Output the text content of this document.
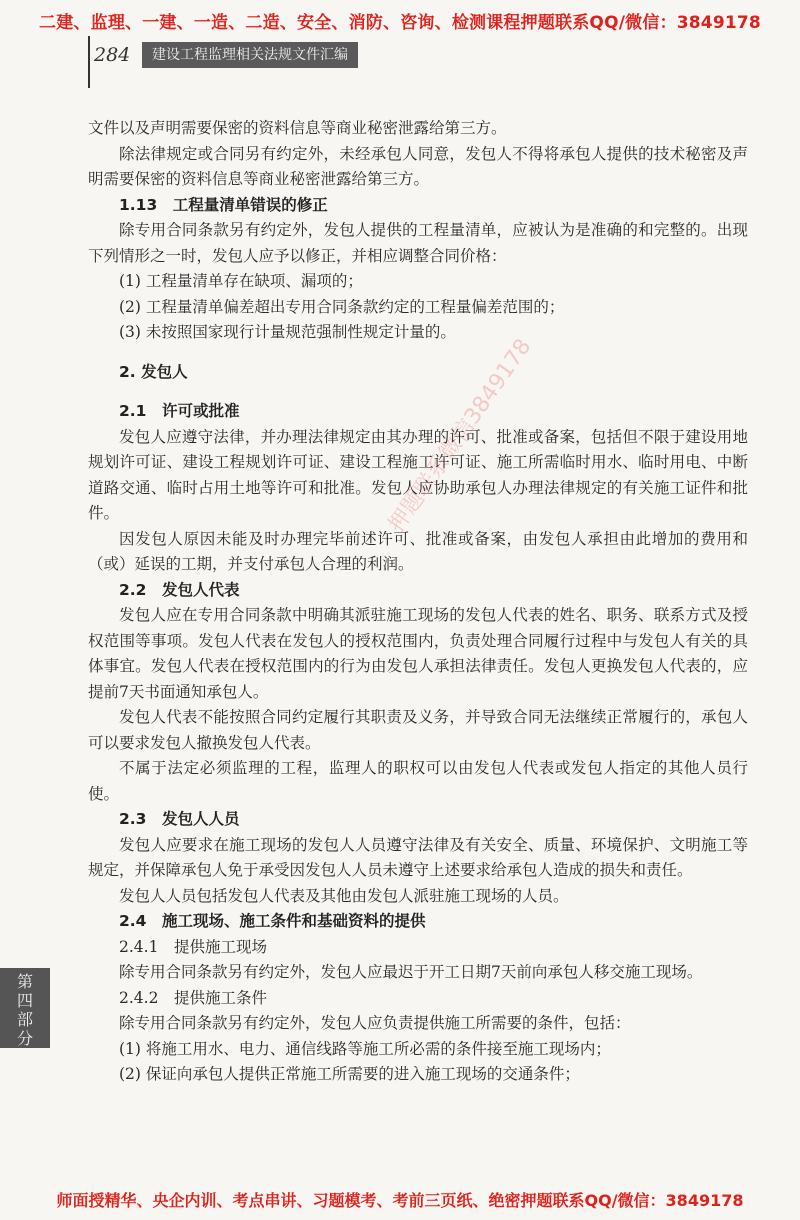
二建、监理、一建、一造、二造、安全、消防、咨询、检测课程押题联系QQ/微信：3849178
284	建设工程监理相关法规文件汇编
押题联系微信3849178

文件以及声明需要保密的资料信息等商业秘密泄露给第三方。

除法律规定或合同另有约定外，未经承包人同意，发包人不得将承包人提供的技术秘密及声明需要保密的资料信息等商业秘密泄露给第三方。

1.13　工程量清单错误的修正

除专用合同条款另有约定外，发包人提供的工程量清单，应被认为是准确的和完整的。出现下列情形之一时，发包人应予以修正，并相应调整合同价格：

(1) 工程量清单存在缺项、漏项的；

(2) 工程量清单偏差超出专用合同条款约定的工程量偏差范围的；

(3) 未按照国家现行计量规范强制性规定计量的。

2. 发包人

2.1　许可或批准

发包人应遵守法律，并办理法律规定由其办理的许可、批准或备案，包括但不限于建设用地规划许可证、建设工程规划许可证、建设工程施工许可证、施工所需临时用水、临时用电、中断道路交通、临时占用土地等许可和批准。发包人应协助承包人办理法律规定的有关施工证件和批件。

因发包人原因未能及时办理完毕前述许可、批准或备案，由发包人承担由此增加的费用和（或）延误的工期，并支付承包人合理的利润。

2.2　发包人代表

发包人应在专用合同条款中明确其派驻施工现场的发包人代表的姓名、职务、联系方式及授权范围等事项。发包人代表在发包人的授权范围内，负责处理合同履行过程中与发包人有关的具体事宜。发包人代表在授权范围内的行为由发包人承担法律责任。发包人更换发包人代表的，应提前7天书面通知承包人。

发包人代表不能按照合同约定履行其职责及义务，并导致合同无法继续正常履行的，承包人可以要求发包人撤换发包人代表。

不属于法定必须监理的工程，监理人的职权可以由发包人代表或发包人指定的其他人员行使。

2.3　发包人人员

发包人应要求在施工现场的发包人人员遵守法律及有关安全、质量、环境保护、文明施工等规定，并保障承包人免于承受因发包人人员未遵守上述要求给承包人造成的损失和责任。

发包人人员包括发包人代表及其他由发包人派驻施工现场的人员。

2.4　施工现场、施工条件和基础资料的提供

2.4.1　提供施工现场

除专用合同条款另有约定外，发包人应最迟于开工日期7天前向承包人移交施工现场。

2.4.2　提供施工条件

除专用合同条款另有约定外，发包人应负责提供施工所需要的条件，包括：

(1) 将施工用水、电力、通信线路等施工所必需的条件接至施工现场内；

(2) 保证向承包人提供正常施工所需要的进入施工现场的交通条件；

第
四
部
分
师面授精华、央企内训、考点串讲、习题模考、考前三页纸、绝密押题联系QQ/微信：3849178
